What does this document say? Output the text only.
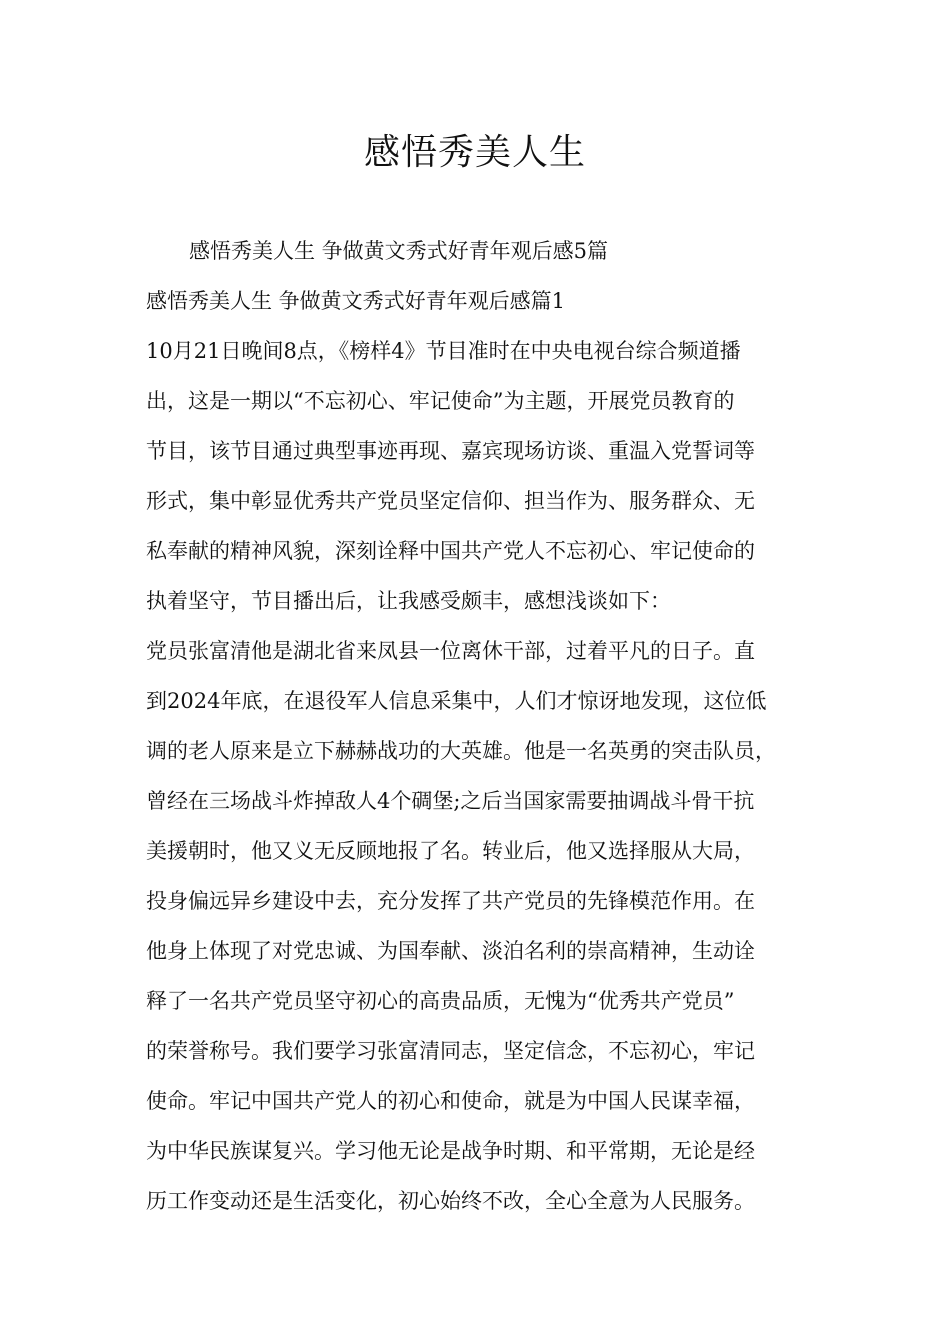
感悟秀美人生
感悟秀美人生 争做黄文秀式好青年观后感5篇
感悟秀美人生 争做黄文秀式好青年观后感篇1
10月21日晚间8点，《榜样4》节目准时在中央电视台综合频道播
出，这是一期以“不忘初心、牢记使命”为主题，开展党员教育的
节目，该节目通过典型事迹再现、嘉宾现场访谈、重温入党誓词等
形式，集中彰显优秀共产党员坚定信仰、担当作为、服务群众、无
私奉献的精神风貌，深刻诠释中国共产党人不忘初心、牢记使命的
执着坚守，节目播出后，让我感受颇丰，感想浅谈如下：
党员张富清他是湖北省来凤县一位离休干部，过着平凡的日子。直
到2024年底，在退役军人信息采集中，人们才惊讶地发现，这位低
调的老人原来是立下赫赫战功的大英雄。他是一名英勇的突击队员，
曾经在三场战斗炸掉敌人4个碉堡;之后当国家需要抽调战斗骨干抗
美援朝时，他又义无反顾地报了名。转业后，他又选择服从大局，
投身偏远异乡建设中去，充分发挥了共产党员的先锋模范作用。在
他身上体现了对党忠诚、为国奉献、淡泊名利的崇高精神，生动诠
释了一名共产党员坚守初心的高贵品质，无愧为“优秀共产党员”
的荣誉称号。我们要学习张富清同志，坚定信念，不忘初心，牢记
使命。牢记中国共产党人的初心和使命，就是为中国人民谋幸福，
为中华民族谋复兴。学习他无论是战争时期、和平常期，无论是经
历工作变动还是生活变化，初心始终不改，全心全意为人民服务。
